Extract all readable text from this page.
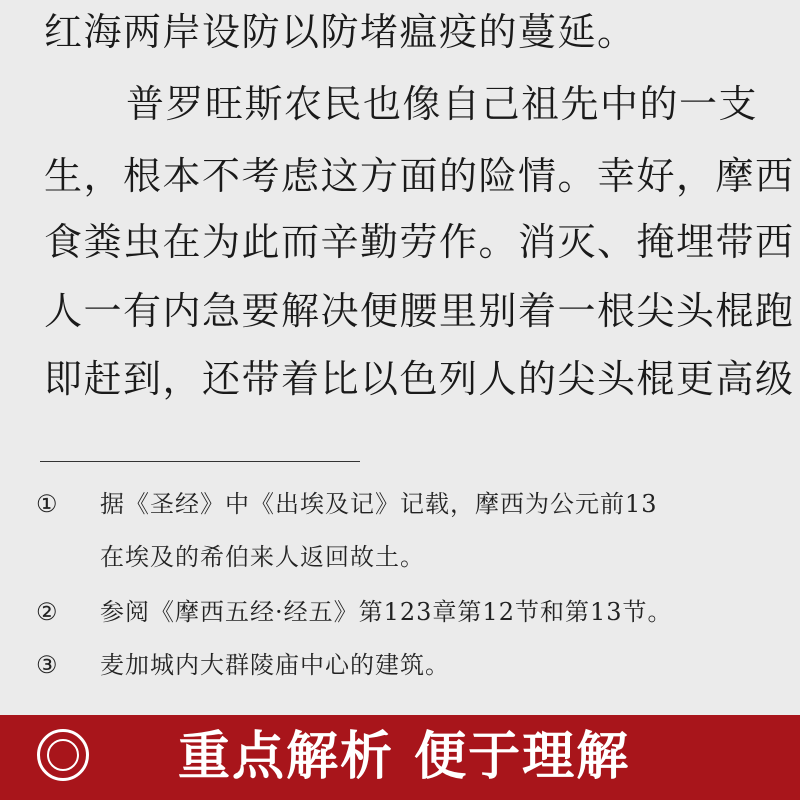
红海两岸设防以防堵瘟疫的蔓延。
普罗旺斯农民也像自己祖先中的一支
生，根本不考虑这方面的险情。幸好，摩西
食粪虫在为此而辛勤劳作。消灭、掩埋带西
人一有内急要解决便腰里别着一根尖头棍跑
即赶到，还带着比以色列人的尖头棍更高级
① 据《圣经》中《出埃及记》记载，摩西为公元前13
在埃及的希伯来人返回故土。
② 参阅《摩西五经·经五》第123章第12节和第13节。
③ 麦加城内大群陵庙中心的建筑。
重点解析 便于理解
